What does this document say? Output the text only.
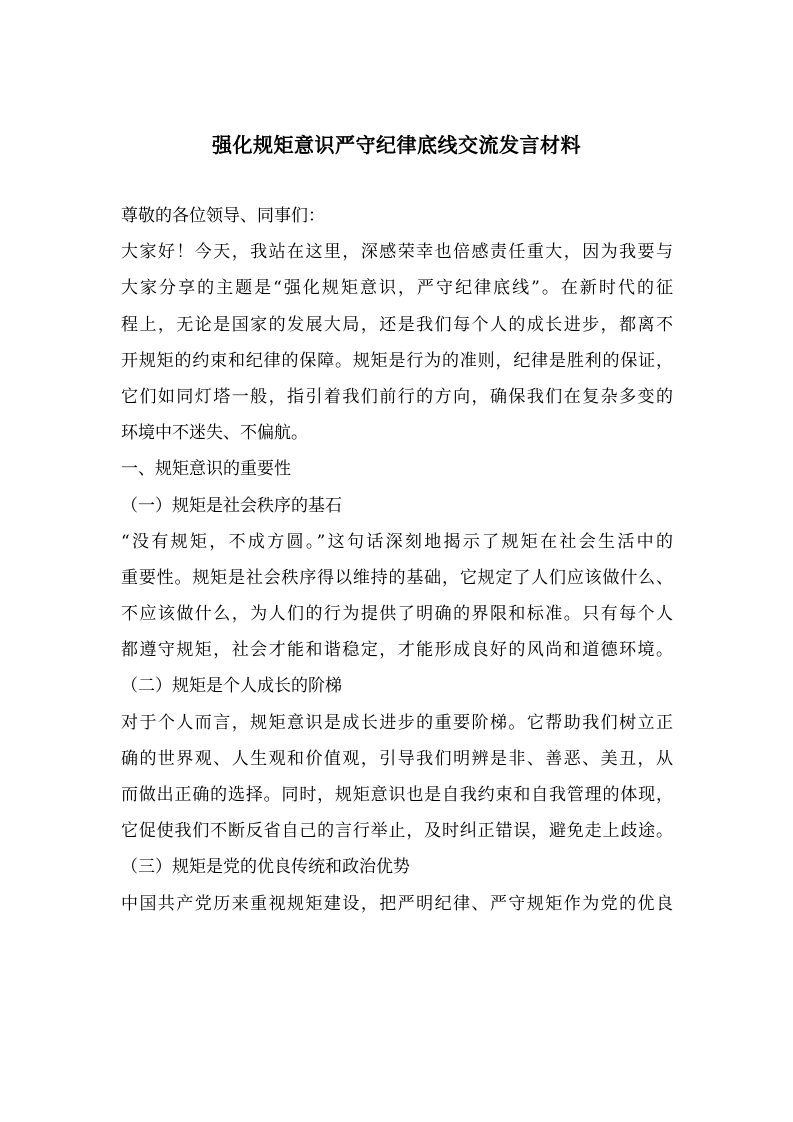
强化规矩意识严守纪律底线交流发言材料
尊敬的各位领导、同事们：
大家好！今天，我站在这里，深感荣幸也倍感责任重大，因为我要与
大家分享的主题是“强化规矩意识，严守纪律底线”。在新时代的征
程上，无论是国家的发展大局，还是我们每个人的成长进步，都离不
开规矩的约束和纪律的保障。规矩是行为的准则，纪律是胜利的保证，
它们如同灯塔一般，指引着我们前行的方向，确保我们在复杂多变的
环境中不迷失、不偏航。
一、规矩意识的重要性
（一）规矩是社会秩序的基石
“没有规矩，不成方圆。”这句话深刻地揭示了规矩在社会生活中的
重要性。规矩是社会秩序得以维持的基础，它规定了人们应该做什么、
不应该做什么，为人们的行为提供了明确的界限和标准。只有每个人
都遵守规矩，社会才能和谐稳定，才能形成良好的风尚和道德环境。
（二）规矩是个人成长的阶梯
对于个人而言，规矩意识是成长进步的重要阶梯。它帮助我们树立正
确的世界观、人生观和价值观，引导我们明辨是非、善恶、美丑，从
而做出正确的选择。同时，规矩意识也是自我约束和自我管理的体现，
它促使我们不断反省自己的言行举止，及时纠正错误，避免走上歧途。
（三）规矩是党的优良传统和政治优势
中国共产党历来重视规矩建设，把严明纪律、严守规矩作为党的优良
